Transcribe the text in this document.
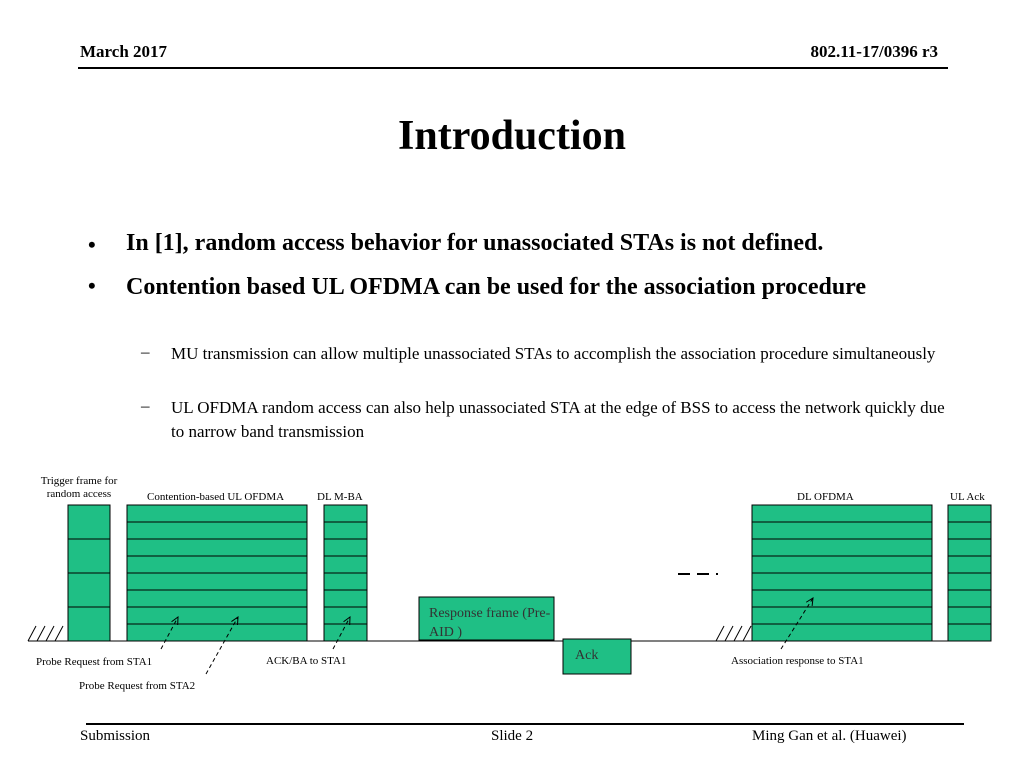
March 2017	802.11-17/0396 r3
Introduction
• In [1], random access behavior for unassociated STAs is not defined.
• Contention based UL OFDMA can be used for the association procedure
– MU transmission can allow multiple unassociated STAs to accomplish the association procedure simultaneously
– UL OFDMA random access can also help unassociated STA at the edge of BSS to access the network quickly due to narrow band transmission
Trigger frame for random access	Contention-based UL OFDMA	DL M-BA	DL OFDMA	UL Ack
Response frame (Pre-AID )
Ack
Probe Request from STA1
Probe Request from STA2
ACK/BA to STA1	Association response to STA1
Submission	Slide 2	Ming Gan et al. (Huawei)
